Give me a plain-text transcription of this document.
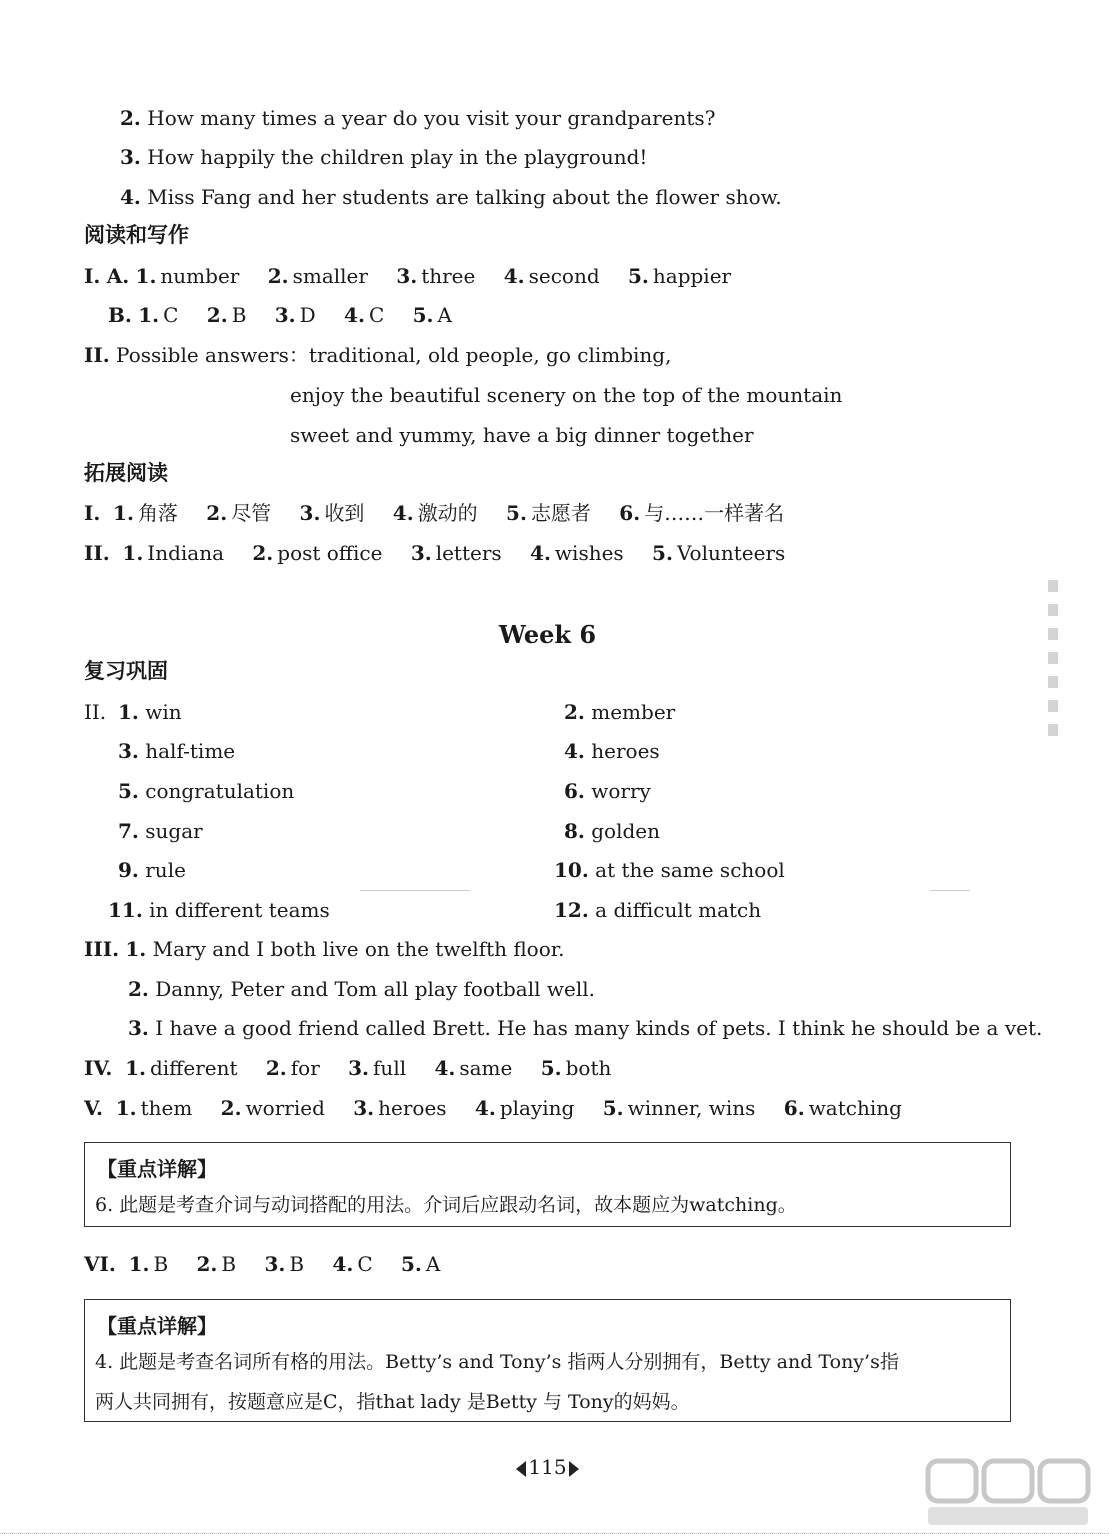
2. How many times a year do you visit your grandparents?
3. How happily the children play in the playground!
4. Miss Fang and her students are talking about the flower show.
阅读和写作
I. A. 1. number 2. smaller 3. three 4. second 5. happier
B. 1. C 2. B 3. D 4. C 5. A
II. Possible answers：traditional, old people, go climbing,
enjoy the beautiful scenery on the top of the mountain
sweet and yummy, have a big dinner together
拓展阅读
I. 1. 角落 2. 尽管 3. 收到 4. 激动的 5. 志愿者 6. 与……一样著名
II. 1. Indiana 2. post office 3. letters 4. wishes 5. Volunteers
Week 6
复习巩固
II. 1. win
3. half-time
5. congratulation
7. sugar
9. rule
11. in different teams
2. member
4. heroes
6. worry
8. golden
10. at the same school
12. a difficult match
III. 1. Mary and I both live on the twelfth floor.
2. Danny, Peter and Tom all play football well.
3. I have a good friend called Brett. He has many kinds of pets. I think he should be a vet.
IV. 1. different 2. for 3. full 4. same 5. both
V. 1. them 2. worried 3. heroes 4. playing 5. winner, wins 6. watching
【重点详解】
6. 此题是考查介词与动词搭配的用法。介词后应跟动名词，故本题应为watching。
VI. 1. B 2. B 3. B 4. C 5. A
【重点详解】
4. 此题是考查名词所有格的用法。Betty’s and Tony’s 指两人分别拥有，Betty and Tony’s指
两人共同拥有，按题意应是C，指that lady 是Betty 与 Tony的妈妈。
115
